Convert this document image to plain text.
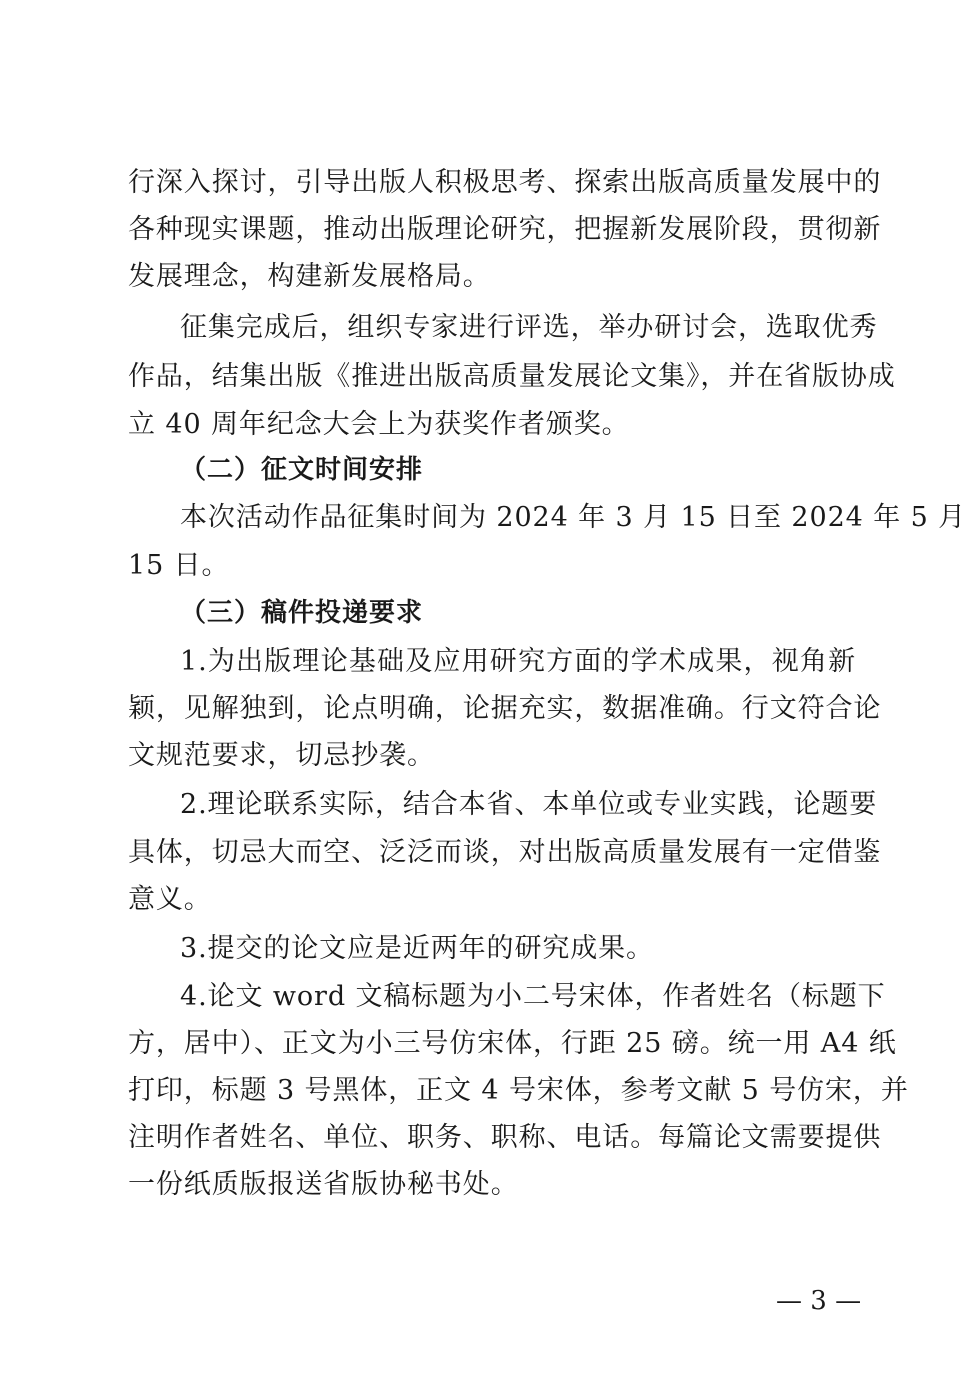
行深入探讨，引导出版人积极思考、探索出版高质量发展中的
各种现实课题，推动出版理论研究，把握新发展阶段，贯彻新
发展理念，构建新发展格局。
征集完成后，组织专家进行评选，举办研讨会，选取优秀
作品，结集出版《推进出版高质量发展论文集》，并在省版协成
立 40 周年纪念大会上为获奖作者颁奖。
（二）征文时间安排
本次活动作品征集时间为 2024 年 3 月 15 日至 2024 年 5 月
15 日。
（三）稿件投递要求
1.为出版理论基础及应用研究方面的学术成果，视角新
颖，见解独到，论点明确，论据充实，数据准确。行文符合论
文规范要求，切忌抄袭。
2.理论联系实际，结合本省、本单位或专业实践，论题要
具体，切忌大而空、泛泛而谈，对出版高质量发展有一定借鉴
意义。
3.提交的论文应是近两年的研究成果。
4.论文 word 文稿标题为小二号宋体，作者姓名（标题下
方，居中）、正文为小三号仿宋体，行距 25 磅。统一用 A4 纸
打印，标题 3 号黑体，正文 4 号宋体，参考文献 5 号仿宋，并
注明作者姓名、单位、职务、职称、电话。每篇论文需要提供
一份纸质版报送省版协秘书处。
— 3 —
